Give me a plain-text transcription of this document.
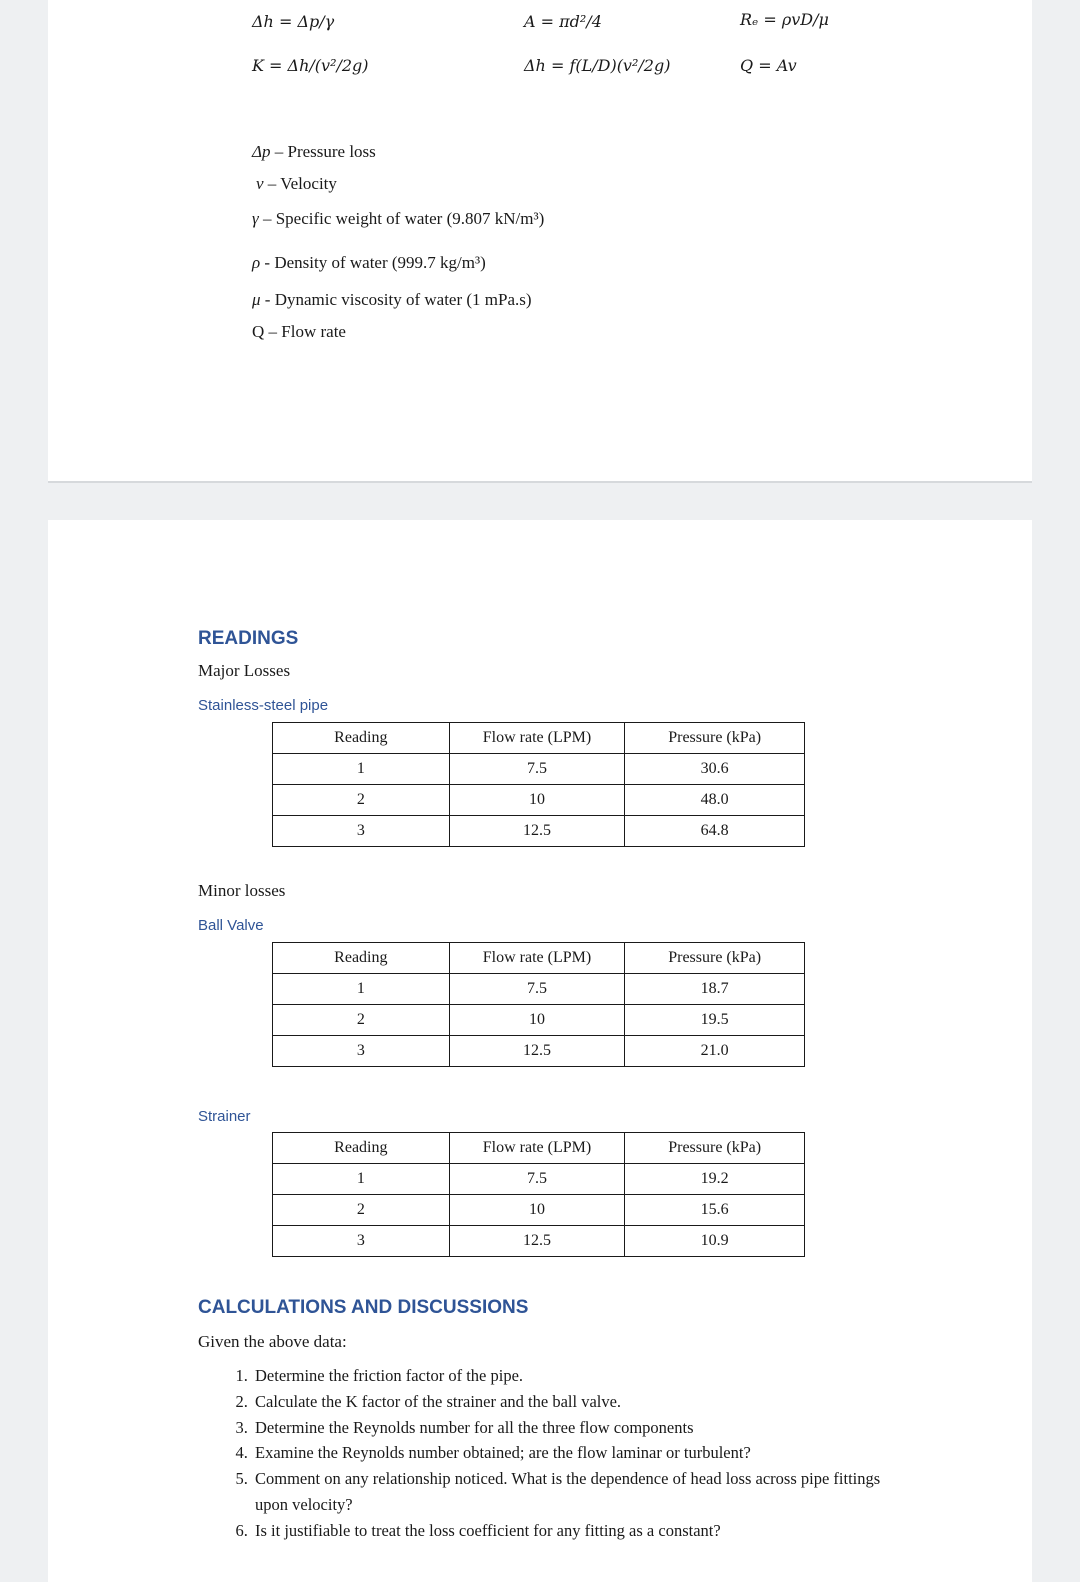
Δh = Δp/γ	A = πd²/4	Rₑ = ρvD/μ
K = Δh/(v²/2g)	Δh = f(L/D)(v²/2g)	Q = Av
Δp – Pressure loss
v – Velocity
γ – Specific weight of water (9.807 kN/m³)
ρ - Density of water (999.7 kg/m³)
μ - Dynamic viscosity of water (1 mPa.s)
Q – Flow rate
READINGS
Major Losses
Stainless-steel pipe
Reading	Flow rate (LPM)	Pressure (kPa)
1	7.5	30.6
2	10	48.0
3	12.5	64.8
Minor losses
Ball Valve
Reading	Flow rate (LPM)	Pressure (kPa)
1	7.5	18.7
2	10	19.5
3	12.5	21.0
Strainer
Reading	Flow rate (LPM)	Pressure (kPa)
1	7.5	19.2
2	10	15.6
3	12.5	10.9
CALCULATIONS AND DISCUSSIONS
Given the above data:
1. Determine the friction factor of the pipe.
2. Calculate the K factor of the strainer and the ball valve.
3. Determine the Reynolds number for all the three flow components
4. Examine the Reynolds number obtained; are the flow laminar or turbulent?
5. Comment on any relationship noticed. What is the dependence of head loss across pipe fittings upon velocity?
6. Is it justifiable to treat the loss coefficient for any fitting as a constant?
